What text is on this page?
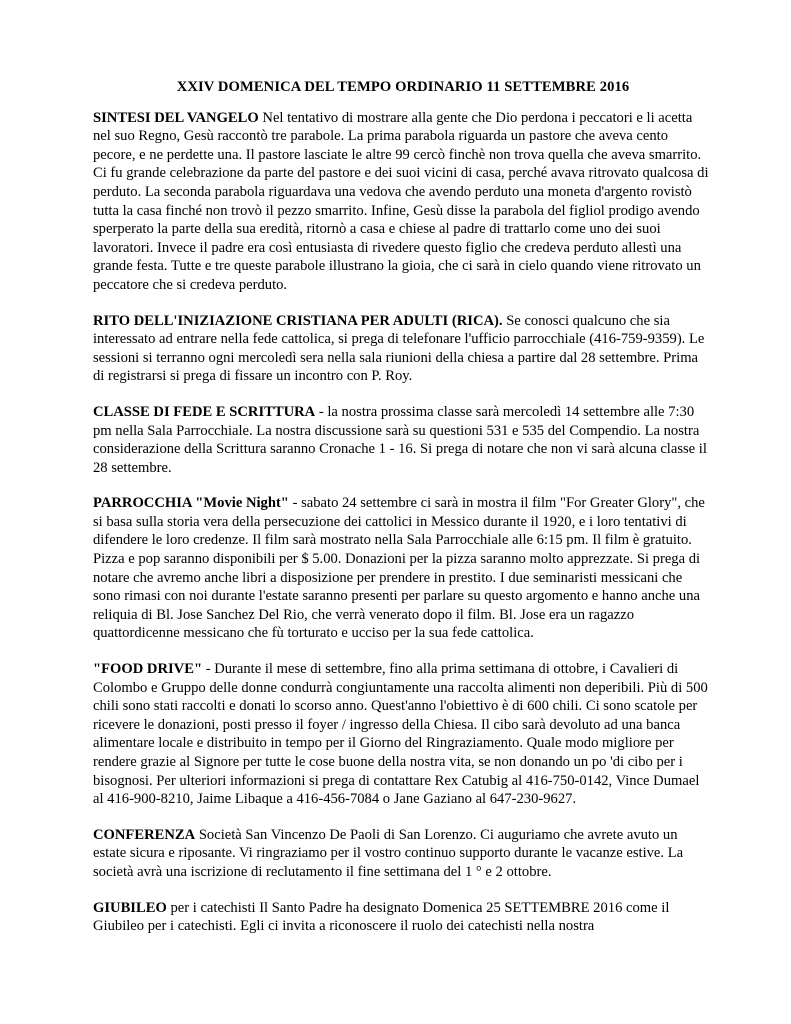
XXIV DOMENICA DEL TEMPO ORDINARIO 11 SETTEMBRE 2016

SINTESI DEL VANGELO Nel tentativo di mostrare alla gente che Dio perdona i peccatori e li acetta nel suo Regno, Gesù raccontò tre parabole. La prima parabola riguarda un pastore che aveva cento pecore, e ne perdette una. Il pastore lasciate le altre 99 cercò finchè non trova quella che aveva smarrito. Ci fu grande celebrazione da parte del pastore e dei suoi vicini di casa, perché avava ritrovato qualcosa di perduto. La seconda parabola riguardava una vedova che avendo perduto una moneta d'argento rovistò tutta la casa finché non trovò il pezzo smarrito. Infine, Gesù disse la parabola del figliol prodigo avendo sperperato la parte della sua eredità, ritornò a casa e chiese al padre di trattarlo come uno dei suoi lavoratori. Invece il padre era così entusiasta di rivedere questo figlio che credeva perduto allestì una grande festa. Tutte e tre queste parabole illustrano la gioia, che ci sarà in cielo quando viene ritrovato un peccatore che si credeva perduto.

RITO DELL'INIZIAZIONE CRISTIANA PER ADULTI (RICA). Se conosci qualcuno che sia interessato ad entrare nella fede cattolica, si prega di telefonare l'ufficio parrocchiale (416-759-9359). Le sessioni si terranno ogni mercoledì sera nella sala riunioni della chiesa a partire dal 28 settembre. Prima di registrarsi si prega di fissare un incontro con P. Roy.

CLASSE DI FEDE E SCRITTURA - la nostra prossima classe sarà mercoledì 14 settembre alle 7:30 pm nella Sala Parrocchiale. La nostra discussione sarà su questioni 531 e 535 del Compendio. La nostra considerazione della Scrittura saranno Cronache 1 - 16. Si prega di notare che non vi sarà alcuna classe il 28 settembre.

PARROCCHIA "Movie Night" - sabato 24 settembre ci sarà in mostra il film "For Greater Glory", che si basa sulla storia vera della persecuzione dei cattolici in Messico durante il 1920, e i loro tentativi di difendere le loro credenze. Il film sarà mostrato nella Sala Parrocchiale alle 6:15 pm. Il film è gratuito. Pizza e pop saranno disponibili per $ 5.00. Donazioni per la pizza saranno molto apprezzate. Si prega di notare che avremo anche libri a disposizione per prendere in prestito. I due seminaristi messicani che sono rimasi con noi durante l'estate saranno presenti per parlare su questo argomento e hanno anche una reliquia di Bl. Jose Sanchez Del Rio, che verrà venerato dopo il film. Bl. Jose era un ragazzo quattordicenne messicano che fù torturato e ucciso per la sua fede cattolica.

"FOOD DRIVE" - Durante il mese di settembre, fino alla prima settimana di ottobre, i Cavalieri di Colombo e Gruppo delle donne condurrà congiuntamente una raccolta alimenti non deperibili. Più di 500 chili sono stati raccolti e donati lo scorso anno. Quest'anno l'obiettivo è di 600 chili. Ci sono scatole per ricevere le donazioni, posti presso il foyer / ingresso della Chiesa. Il cibo sarà devoluto ad una banca alimentare locale e distribuito in tempo per il Giorno del Ringraziamento. Quale modo migliore per rendere grazie al Signore per tutte le cose buone della nostra vita, se non donando un po 'di cibo per i bisognosi. Per ulteriori informazioni si prega di contattare Rex Catubig al 416-750-0142, Vince Dumael al 416-900-8210, Jaime Libaque a 416-456-7084 o Jane Gaziano al 647-230-9627.

CONFERENZA Società San Vincenzo De Paoli di San Lorenzo. Ci auguriamo che avrete avuto un estate sicura e riposante. Vi ringraziamo per il vostro continuo supporto durante le vacanze estive. La società avrà una iscrizione di reclutamento il fine settimana del 1 ° e 2 ottobre.

GIUBILEO per i catechisti Il Santo Padre ha designato Domenica 25 SETTEMBRE 2016 come il Giubileo per i catechisti. Egli ci invita a riconoscere il ruolo dei catechisti nella nostra
